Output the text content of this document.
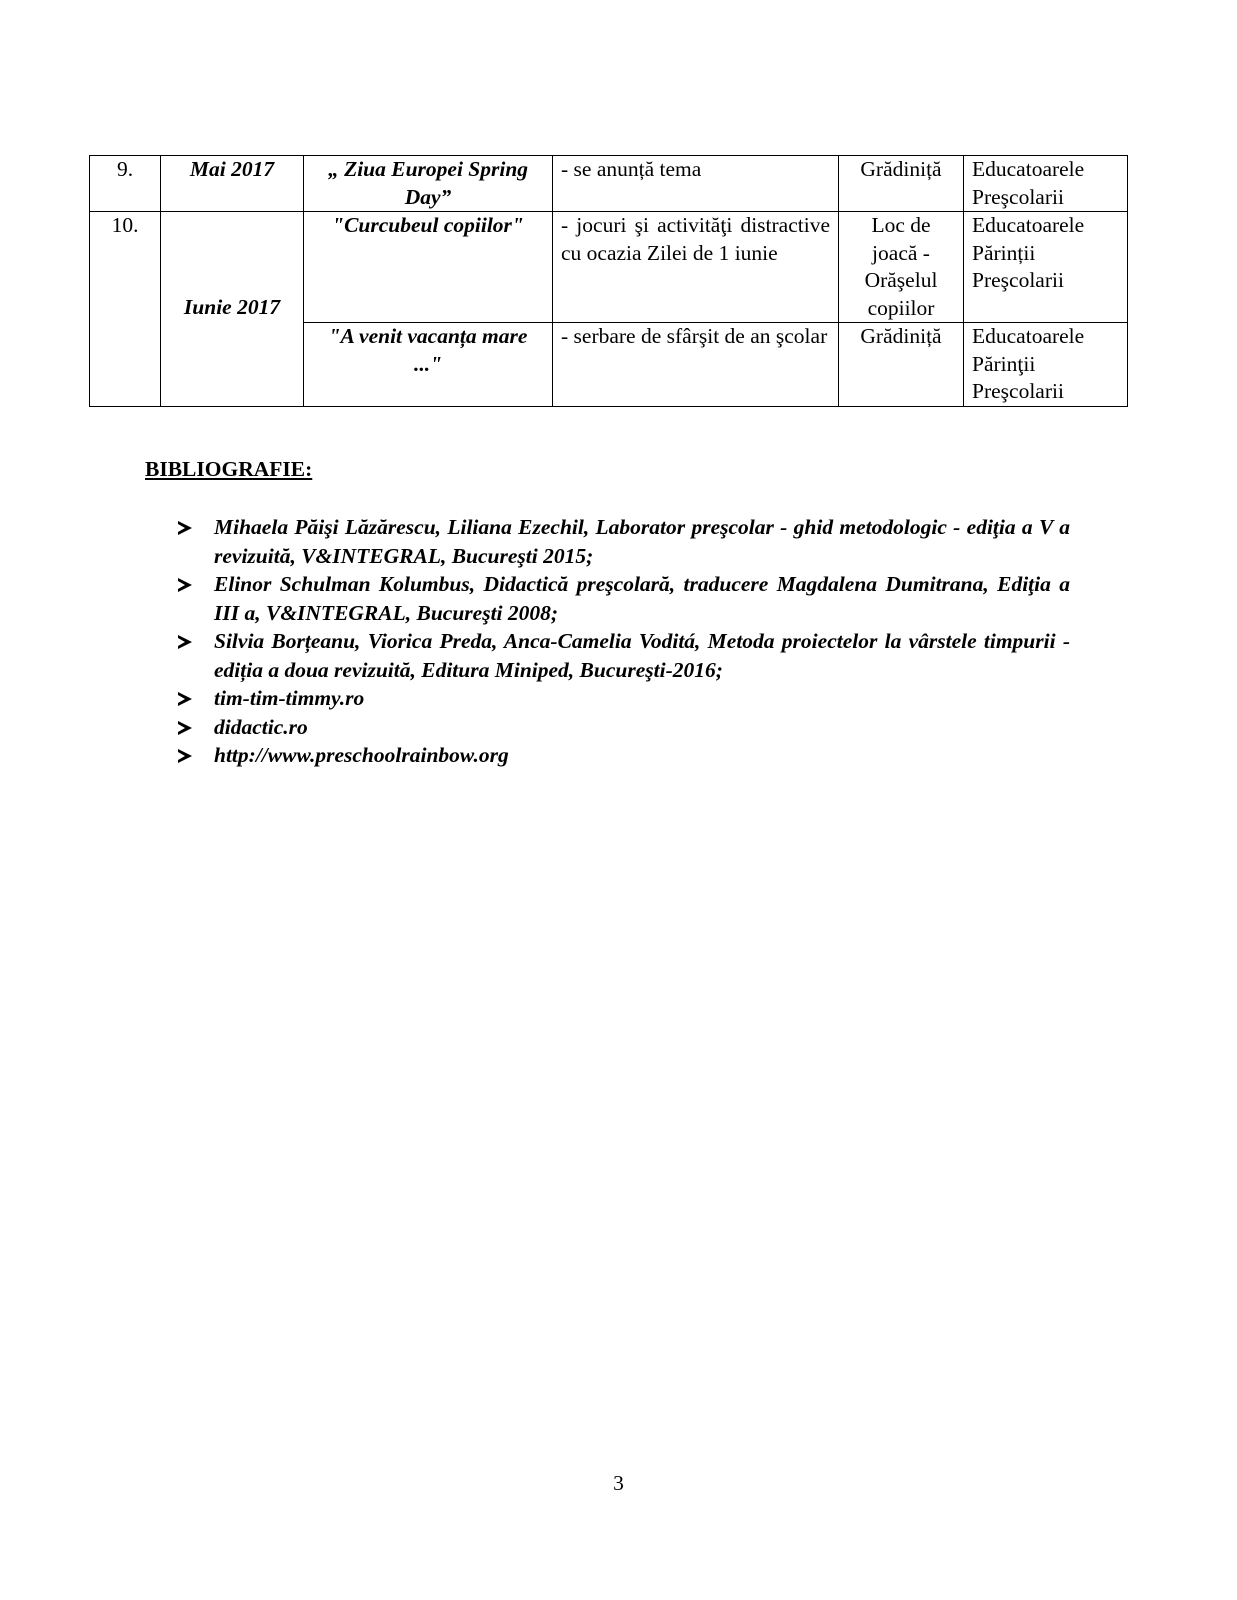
9.	Mai 2017	„ Ziua Europei Spring Day”	- se anunță tema	Grădiniță	Educatoarele
Preşcolarii

10.	Iunie 2017	"Curcubeul copiilor"	- jocuri şi activităţi distractive cu ocazia Zilei de 1 iunie	Loc de joacă - Orăşelul copiilor	Educatoarele
Părinții
Preşcolarii

		"A venit vacanța mare ..."	- serbare de sfârşit de an şcolar	Grădiniță	Educatoarele
Părinţii
Preşcolarii
BIBLIOGRAFIE:
Mihaela Păişi Lăzărescu, Liliana Ezechil, Laborator preşcolar - ghid metodologic - ediţia a V a revizuită, V&INTEGRAL, Bucureşti 2015;
Elinor Schulman Kolumbus, Didactică preşcolară, traducere Magdalena Dumitrana, Ediţia a III a, V&INTEGRAL, Bucureşti 2008;
Silvia Borțeanu, Viorica Preda, Anca-Camelia Voditá, Metoda proiectelor la vârstele timpurii - ediția a doua revizuită, Editura Miniped, Bucureşti-2016;
tim-tim-timmy.ro
didactic.ro
http://www.preschoolrainbow.org
3
